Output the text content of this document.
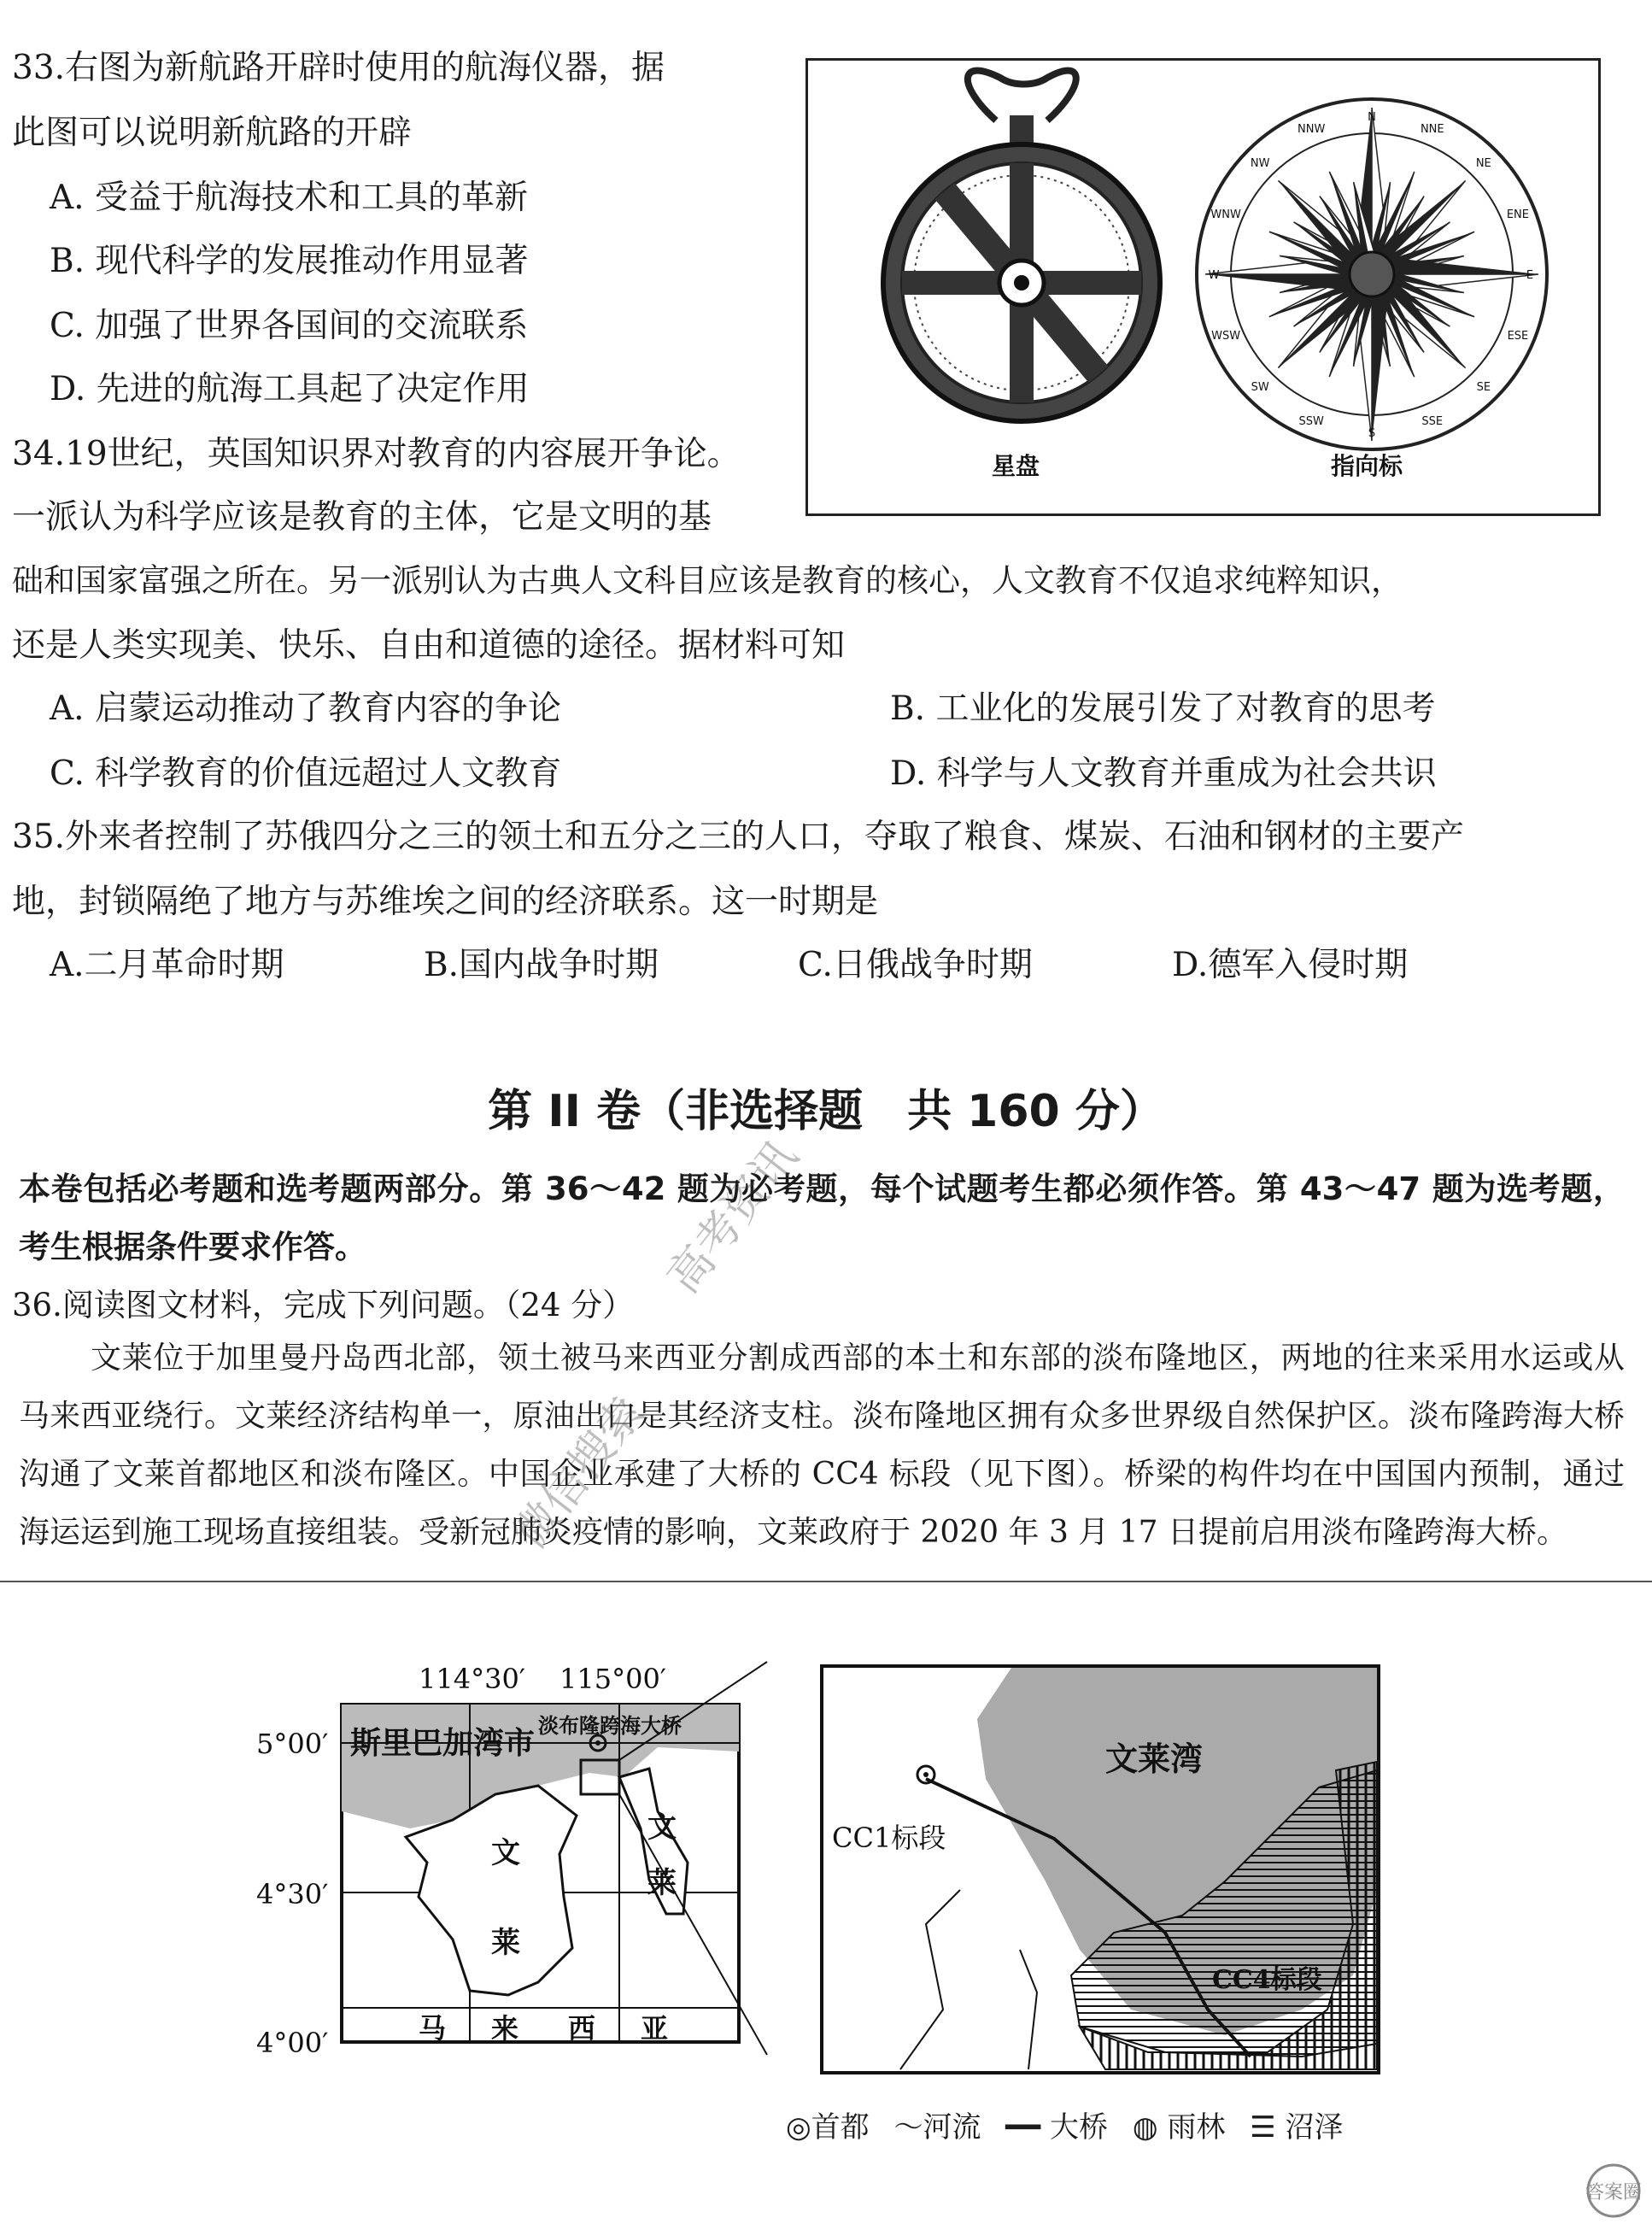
33.右图为新航路开辟时使用的航海仪器，据
此图可以说明新航路的开辟
A. 受益于航海技术和工具的革新
B. 现代科学的发展推动作用显著
C. 加强了世界各国间的交流联系
D. 先进的航海工具起了决定作用
星盘
N
NNE
NE
ENE
E
ESE
SE
SSE
S
SSW
SW
WSW
W
WNW
NW
NNW
指向标
34.19世纪，英国知识界对教育的内容展开争论。
一派认为科学应该是教育的主体，它是文明的基
础和国家富强之所在。另一派别认为古典人文科目应该是教育的核心，人文教育不仅追求纯粹知识，
还是人类实现美、快乐、自由和道德的途径。据材料可知
A. 启蒙运动推动了教育内容的争论	B. 工业化的发展引发了对教育的思考
C. 科学教育的价值远超过人文教育	D. 科学与人文教育并重成为社会共识
35.外来者控制了苏俄四分之三的领土和五分之三的人口，夺取了粮食、煤炭、石油和钢材的主要产
地，封锁隔绝了地方与苏维埃之间的经济联系。这一时期是
A.二月革命时期	B.国内战争时期	C.日俄战争时期	D.德军入侵时期
第 II 卷（非选择题　共 160 分）

本卷包括必考题和选考题两部分。第 36～42 题为必考题，每个试题考生都必须作答。第 43～47 题为选考题，考生根据条件要求作答。

36.阅读图文材料，完成下列问题。（24 分）

文莱位于加里曼丹岛西北部，领土被马来西亚分割成西部的本土和东部的淡布隆地区，两地的往来采用水运或从马来西亚绕行。文莱经济结构单一，原油出口是其经济支柱。淡布隆地区拥有众多世界级自然保护区。淡布隆跨海大桥沟通了文莱首都地区和淡布隆区。中国企业承建了大桥的 CC4 标段（见下图）。桥梁的构件均在中国国内预制，通过海运运到施工现场直接组装。受新冠肺炎疫情的影响，文莱政府于 2020 年 3 月 17 日提前启用淡布隆跨海大桥。

114°30′ 115°00′
5°00′
4°30′
4°00′
斯里巴加湾市 淡布隆跨海大桥
文
莱
文
莱
马 来 西 亚
文莱湾
CC1标段
CC4标段
◎首都 〜河流 ━━ 大桥 ◍ 雨林 ☰ 沼泽
微信搜索
高考资讯
答案圈
